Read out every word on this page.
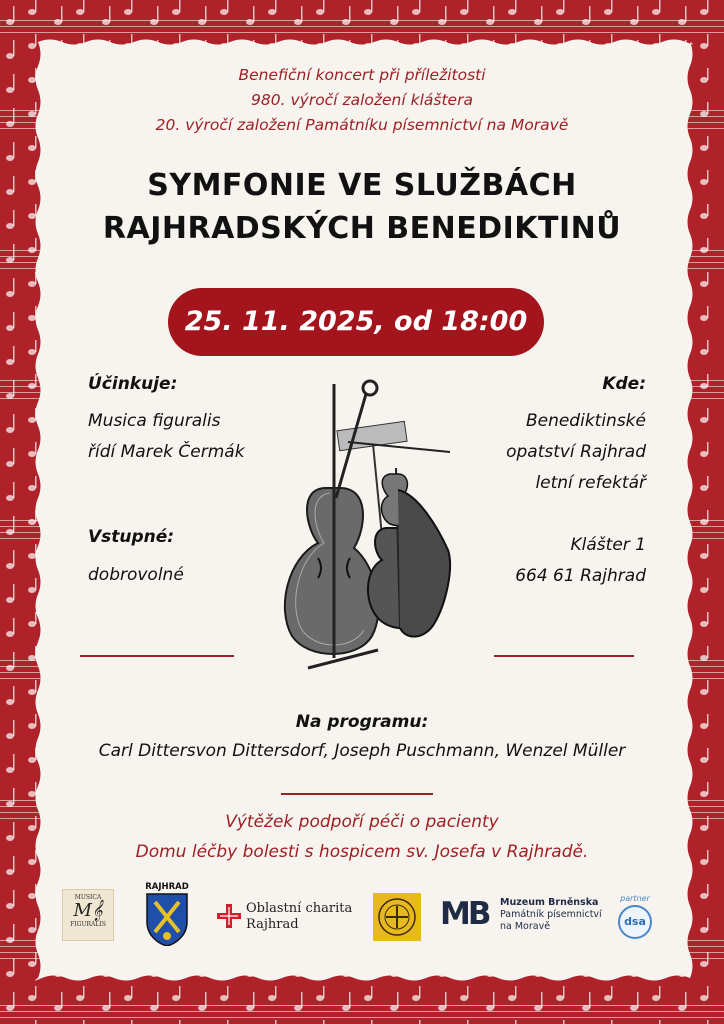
Benefiční koncert při příležitosti
980. výročí založení kláštera
20. výročí založení Památníku písemnictví na Moravě
SYMFONIE VE SLUŽBÁCH
RAJHRADSKÝCH BENEDIKTINŮ
25. 11. 2025, od 18:00
Účinkuje:
Musica figuralis
řídí Marek Čermák
Vstupné:
dobrovolné
Kde:
Benediktinské
opatství Rajhrad
letní refektář
Klášter 1
664 61 Rajhrad
Na programu:
Carl Dittersvon Dittersdorf, Joseph Puschmann, Wenzel Müller
Výtěžek podpoří péči o pacienty
Domu léčby bolesti s hospicem sv. Josefa v Rajhradě.
MUSICA
M𝄞
FIGURALIS
RAJHRAD
Oblastní charita
Rajhrad	MB Muzeum Brněnska
Památník písemnictví
na Moravě
partner
dsa
